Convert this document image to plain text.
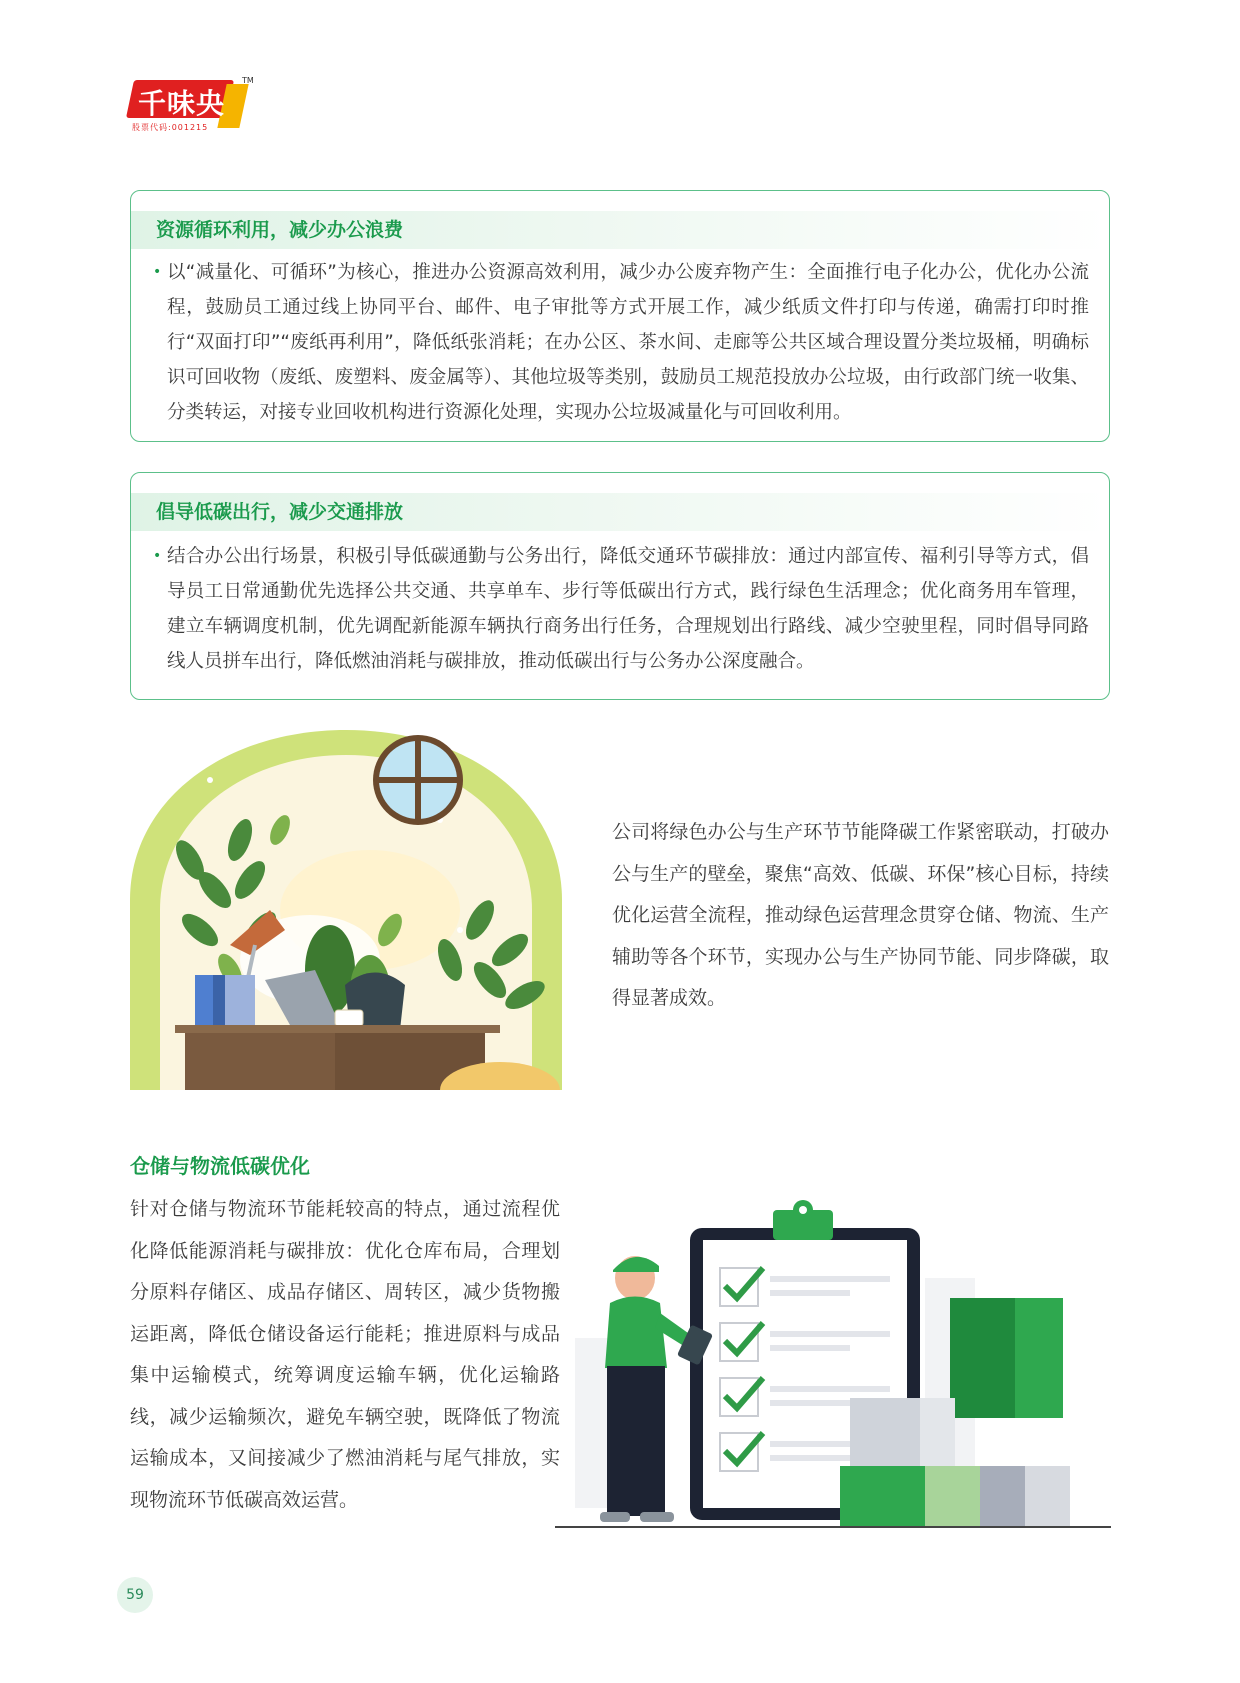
千味央厨
TM
股票代码:001215
资源循环利用，减少办公浪费
• 以“减量化、可循环”为核心，推进办公资源高效利用，减少办公废弃物产生：全面推行电子化办公，优化办公流程，鼓励员工通过线上协同平台、邮件、电子审批等方式开展工作，减少纸质文件打印与传递，确需打印时推行“双面打印”“废纸再利用”，降低纸张消耗；在办公区、茶水间、走廊等公共区域合理设置分类垃圾桶，明确标识可回收物（废纸、废塑料、废金属等）、其他垃圾等类别，鼓励员工规范投放办公垃圾，由行政部门统一收集、分类转运，对接专业回收机构进行资源化处理，实现办公垃圾减量化与可回收利用。
倡导低碳出行，减少交通排放
• 结合办公出行场景，积极引导低碳通勤与公务出行，降低交通环节碳排放：通过内部宣传、福利引导等方式，倡导员工日常通勤优先选择公共交通、共享单车、步行等低碳出行方式，践行绿色生活理念；优化商务用车管理，建立车辆调度机制，优先调配新能源车辆执行商务出行任务，合理规划出行路线、减少空驶里程，同时倡导同路线人员拼车出行，降低燃油消耗与碳排放，推动低碳出行与公务办公深度融合。
公司将绿色办公与生产环节节能降碳工作紧密联动，打破办公与生产的壁垒，聚焦“高效、低碳、环保”核心目标，持续优化运营全流程，推动绿色运营理念贯穿仓储、物流、生产辅助等各个环节，实现办公与生产协同节能、同步降碳，取得显著成效。
仓储与物流低碳优化
针对仓储与物流环节能耗较高的特点，通过流程优化降低能源消耗与碳排放：优化仓库布局，合理划分原料存储区、成品存储区、周转区，减少货物搬运距离，降低仓储设备运行能耗；推进原料与成品集中运输模式，统筹调度运输车辆，优化运输路线，减少运输频次，避免车辆空驶，既降低了物流运输成本，又间接减少了燃油消耗与尾气排放，实现物流环节低碳高效运营。
59
